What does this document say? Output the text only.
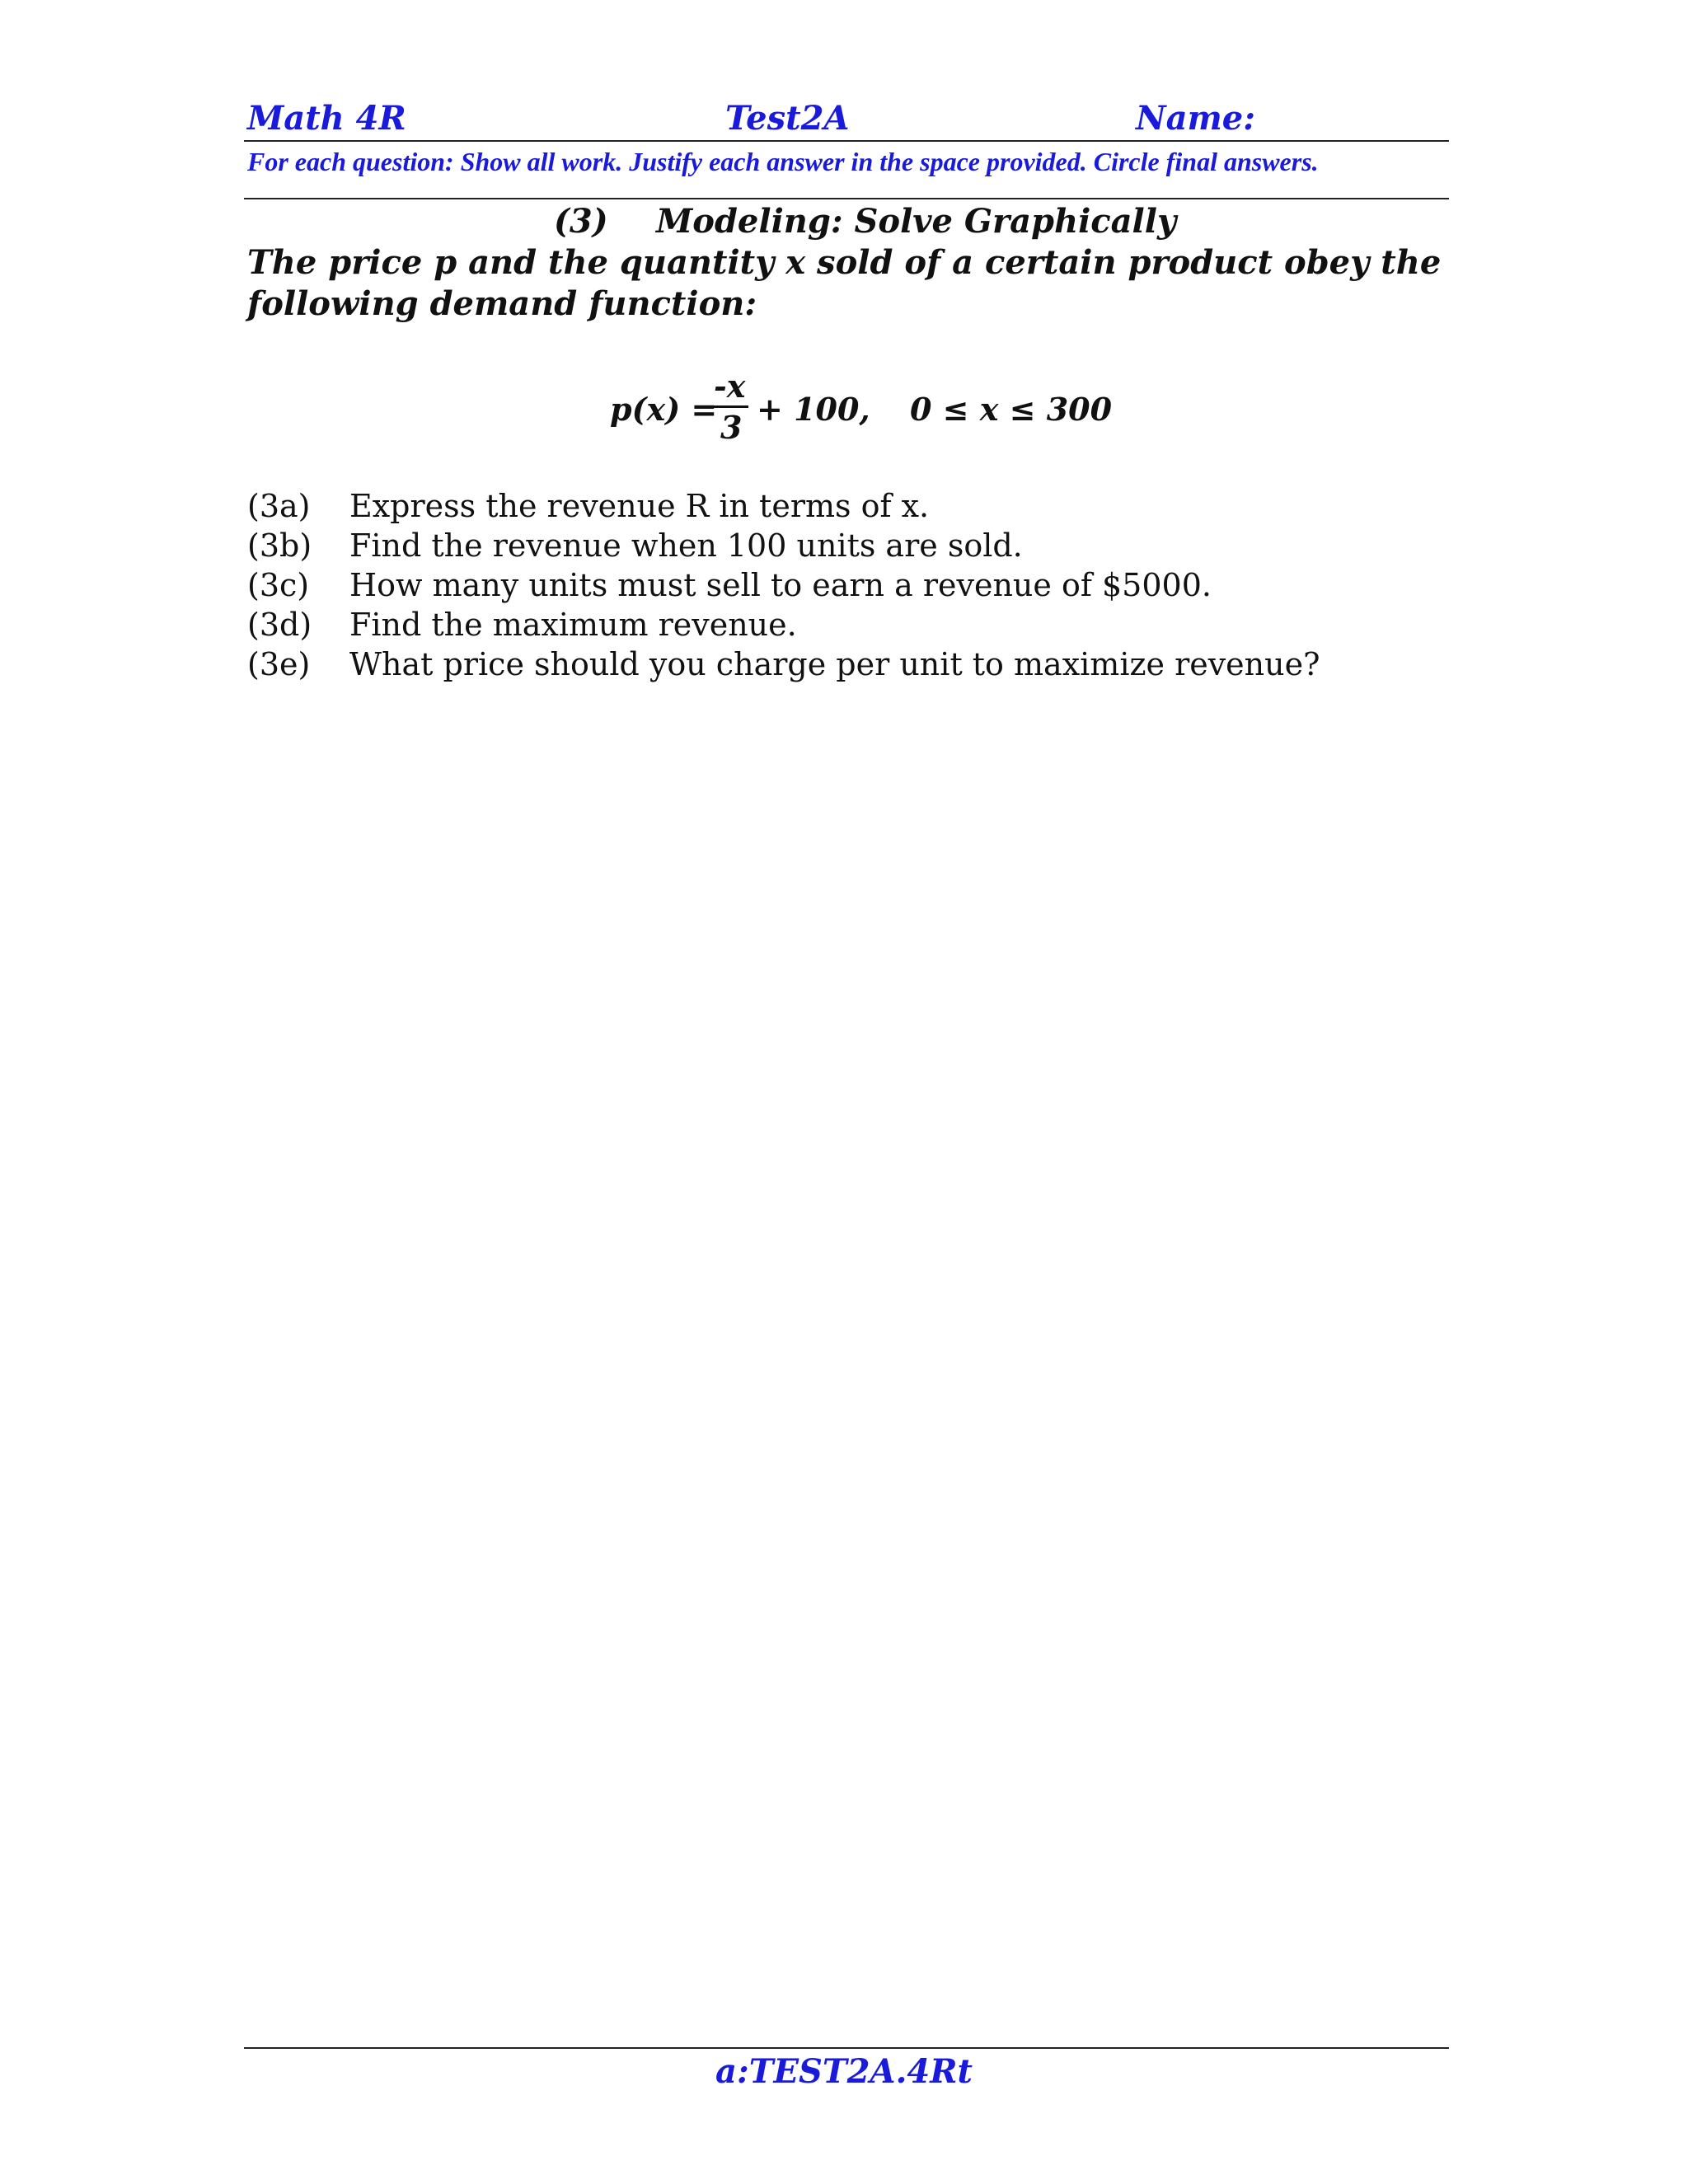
Math 4R	Test2A	Name:
For each question: Show all work. Justify each answer in the space provided. Circle final answers.
(3) Modeling: Solve Graphically
The price p and the quantity x sold of a certain product obey the
following demand function:
p(x) =
-x
3 + 100, 0 ≤ x ≤ 300
(3a) Express the revenue R in terms of x.
(3b) Find the revenue when 100 units are sold.
(3c) How many units must sell to earn a revenue of $5000.
(3d) Find the maximum revenue.
(3e) What price should you charge per unit to maximize revenue?
a:TEST2A.4Rt
